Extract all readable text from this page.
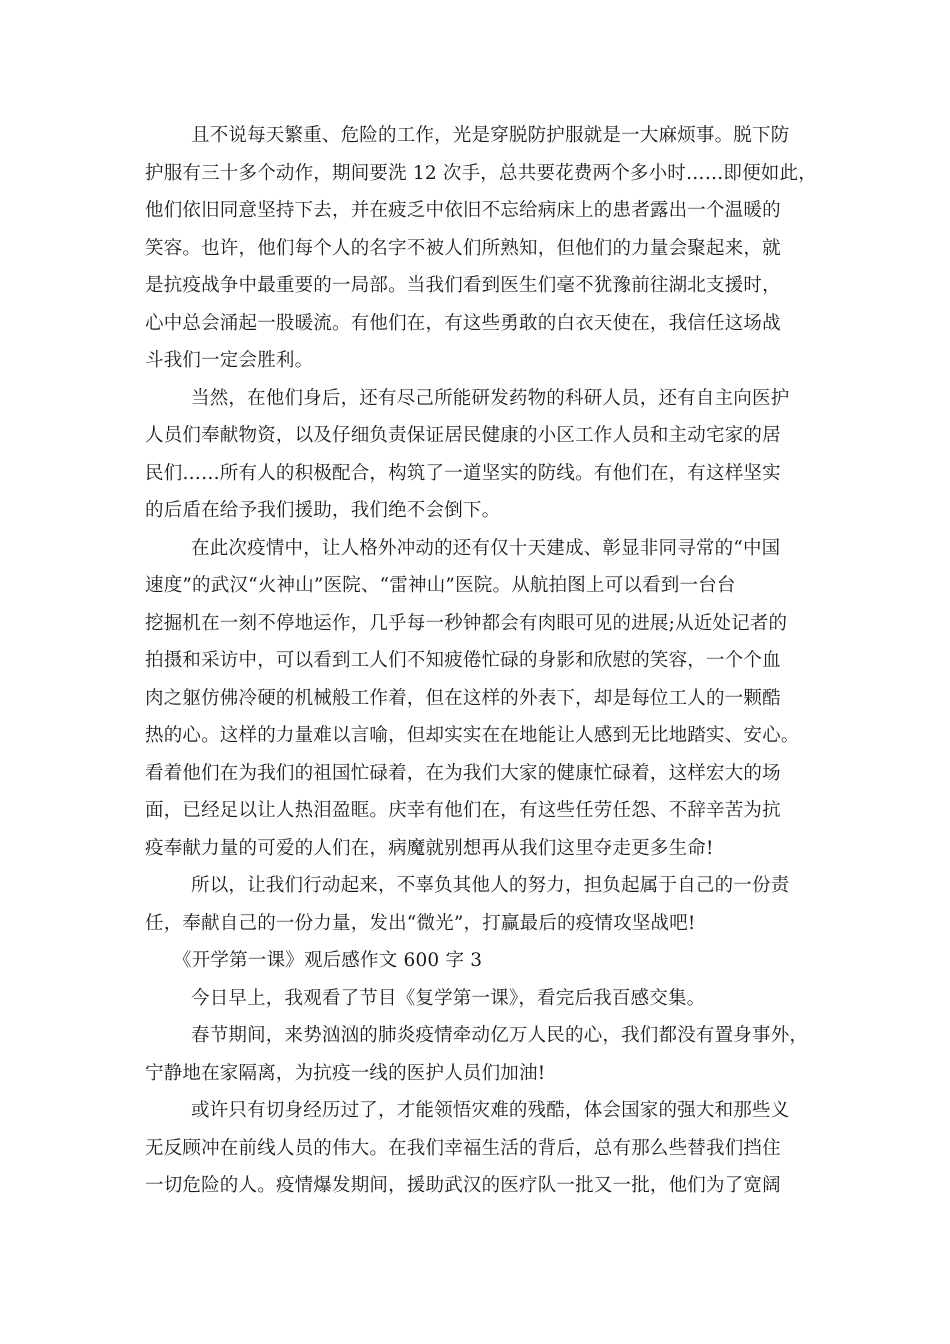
且不说每天繁重、危险的工作，光是穿脱防护服就是一大麻烦事。脱下防
护服有三十多个动作，期间要洗 12 次手，总共要花费两个多小时……即便如此，
他们依旧同意坚持下去，并在疲乏中依旧不忘给病床上的患者露出一个温暖的
笑容。也许，他们每个人的名字不被人们所熟知，但他们的力量会聚起来，就
是抗疫战争中最重要的一局部。当我们看到医生们毫不犹豫前往湖北支援时，
心中总会涌起一股暖流。有他们在，有这些勇敢的白衣天使在，我信任这场战
斗我们一定会胜利。
当然，在他们身后，还有尽己所能研发药物的科研人员，还有自主向医护
人员们奉献物资，以及仔细负责保证居民健康的小区工作人员和主动宅家的居
民们……所有人的积极配合，构筑了一道坚实的防线。有他们在，有这样坚实
的后盾在给予我们援助，我们绝不会倒下。
在此次疫情中，让人格外冲动的还有仅十天建成、彰显非同寻常的“中国
速度”的武汉“火神山”医院、“雷神山”医院。从航拍图上可以看到一台台
挖掘机在一刻不停地运作，几乎每一秒钟都会有肉眼可见的进展;从近处记者的
拍摄和采访中，可以看到工人们不知疲倦忙碌的身影和欣慰的笑容，一个个血
肉之躯仿佛冷硬的机械般工作着，但在这样的外表下，却是每位工人的一颗酷
热的心。这样的力量难以言喻，但却实实在在地能让人感到无比地踏实、安心。
看着他们在为我们的祖国忙碌着，在为我们大家的健康忙碌着，这样宏大的场
面，已经足以让人热泪盈眶。庆幸有他们在，有这些任劳任怨、不辞辛苦为抗
疫奉献力量的可爱的人们在，病魔就别想再从我们这里夺走更多生命!
所以，让我们行动起来，不辜负其他人的努力，担负起属于自己的一份责
任，奉献自己的一份力量，发出“微光”，打赢最后的疫情攻坚战吧!
《开学第一课》观后感作文 600 字 3
今日早上，我观看了节目《复学第一课》，看完后我百感交集。
春节期间，来势汹汹的肺炎疫情牵动亿万人民的心，我们都没有置身事外，
宁静地在家隔离，为抗疫一线的医护人员们加油!
或许只有切身经历过了，才能领悟灾难的残酷，体会国家的强大和那些义
无反顾冲在前线人员的伟大。在我们幸福生活的背后，总有那么些替我们挡住
一切危险的人。疫情爆发期间，援助武汉的医疗队一批又一批，他们为了宽阔
